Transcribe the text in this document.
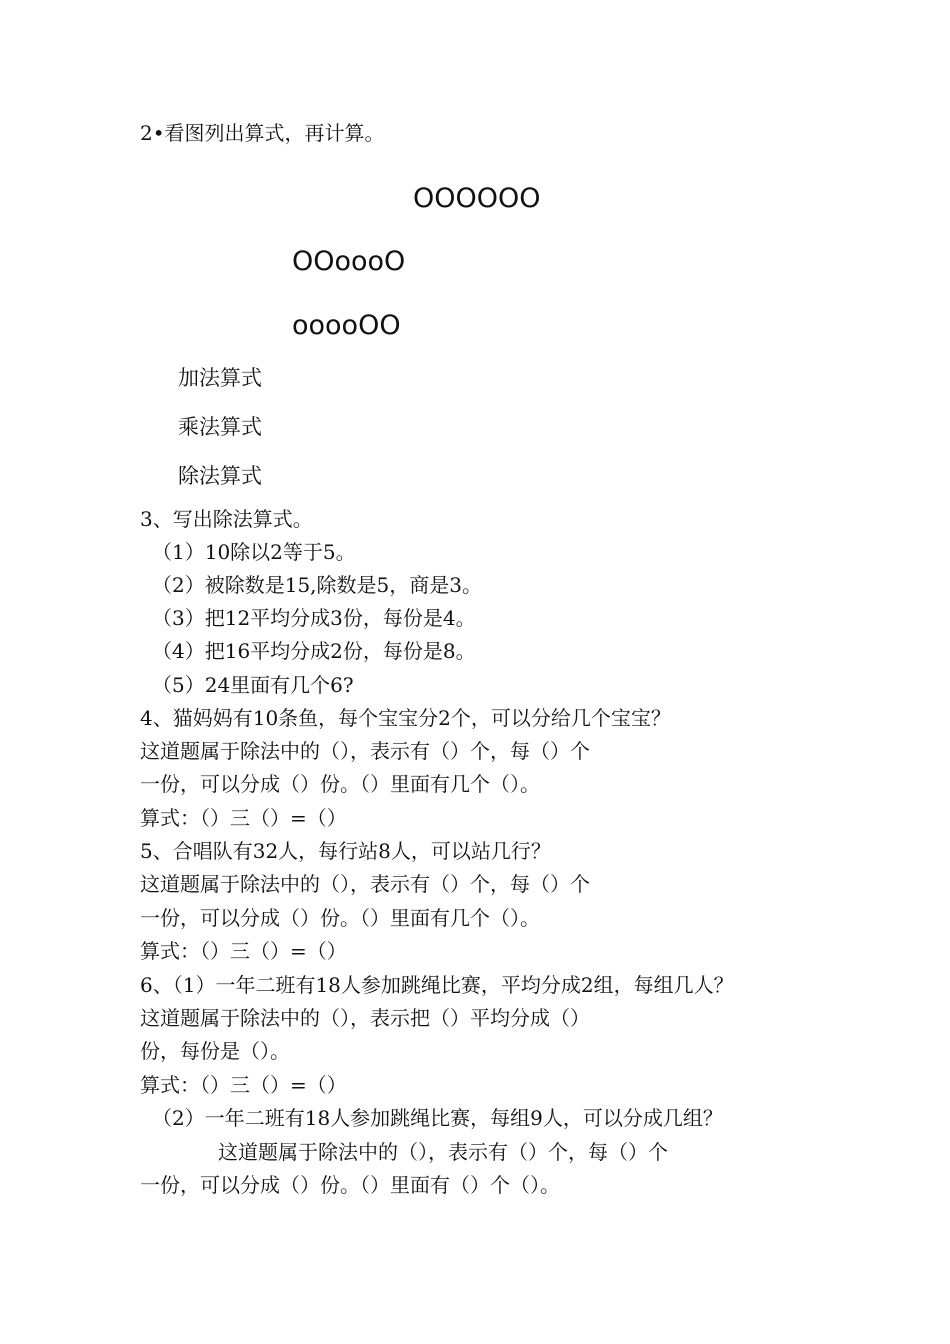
2•看图列出算式，再计算。
OOOOOO
OOoooO
ooooOO
加法算式
乘法算式
除法算式
3、写出除法算式。
（1）10除以2等于5。
（2）被除数是15,除数是5，商是3。
（3）把12平均分成3份，每份是4。
（4）把16平均分成2份，每份是8。
（5）24里面有几个6?
4、猫妈妈有10条鱼，每个宝宝分2个，可以分给几个宝宝？
这道题属于除法中的（），表示有（）个，每（）个
一份，可以分成（）份。（）里面有几个（）。
算式：（）三（）=（）
5、合唱队有32人，每行站8人，可以站几行？
这道题属于除法中的（），表示有（）个，每（）个
一份，可以分成（）份。（）里面有几个（）。
算式：（）三（）=（）
6、（1）一年二班有18人参加跳绳比赛，平均分成2组，每组几人？
这道题属于除法中的（），表示把（）平均分成（）
份，每份是（）。
算式：（）三（）=（）
（2）一年二班有18人参加跳绳比赛，每组9人，可以分成几组？
这道题属于除法中的（），表示有（）个，每（）个
一份，可以分成（）份。（）里面有（）个（）。
